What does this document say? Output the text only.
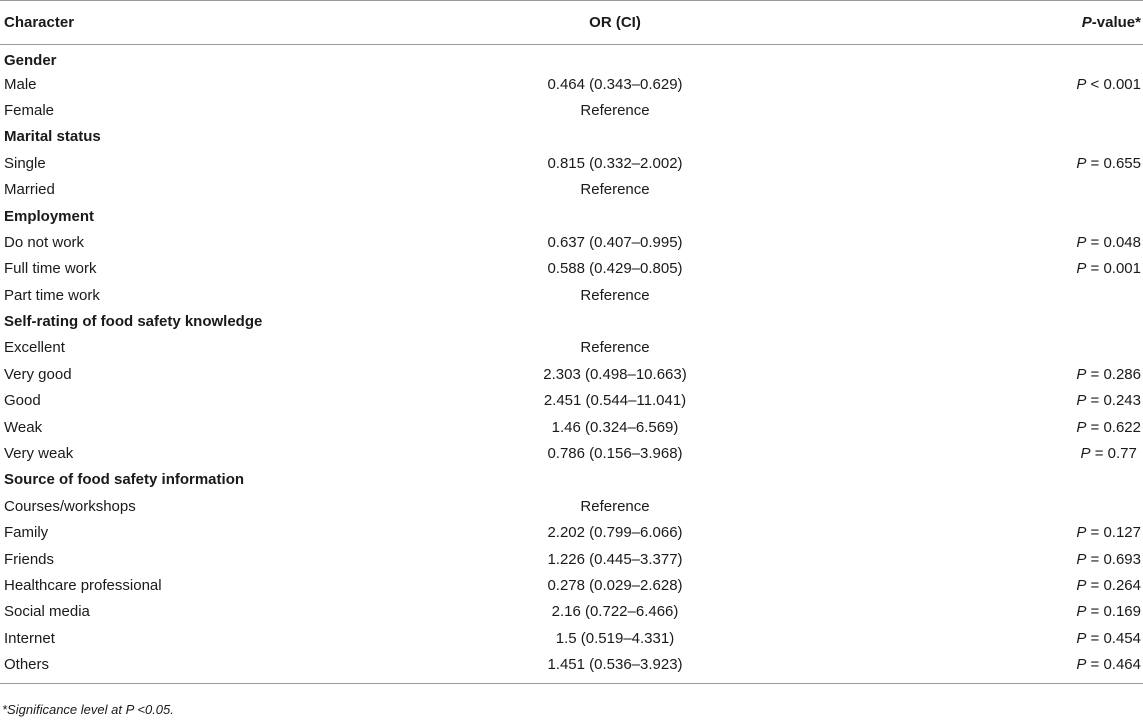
Character	OR (CI)	P-value*
Gender		
Male	0.464 (0.343–0.629)	P < 0.001
Female	Reference	
Marital status		
Single	0.815 (0.332–2.002)	P = 0.655
Married	Reference	
Employment		
Do not work	0.637 (0.407–0.995)	P = 0.048
Full time work	0.588 (0.429–0.805)	P = 0.001
Part time work	Reference	
Self-rating of food safety knowledge		
Excellent	Reference	
Very good	2.303 (0.498–10.663)	P = 0.286
Good	2.451 (0.544–11.041)	P = 0.243
Weak	1.46 (0.324–6.569)	P = 0.622
Very weak	0.786 (0.156–3.968)	P = 0.77
Source of food safety information		
Courses/workshops	Reference	
Family	2.202 (0.799–6.066)	P = 0.127
Friends	1.226 (0.445–3.377)	P = 0.693
Healthcare professional	0.278 (0.029–2.628)	P = 0.264
Social media	2.16 (0.722–6.466)	P = 0.169
Internet	1.5 (0.519–4.331)	P = 0.454
Others	1.451 (0.536–3.923)	P = 0.464
*Significance level at P <0.05.
